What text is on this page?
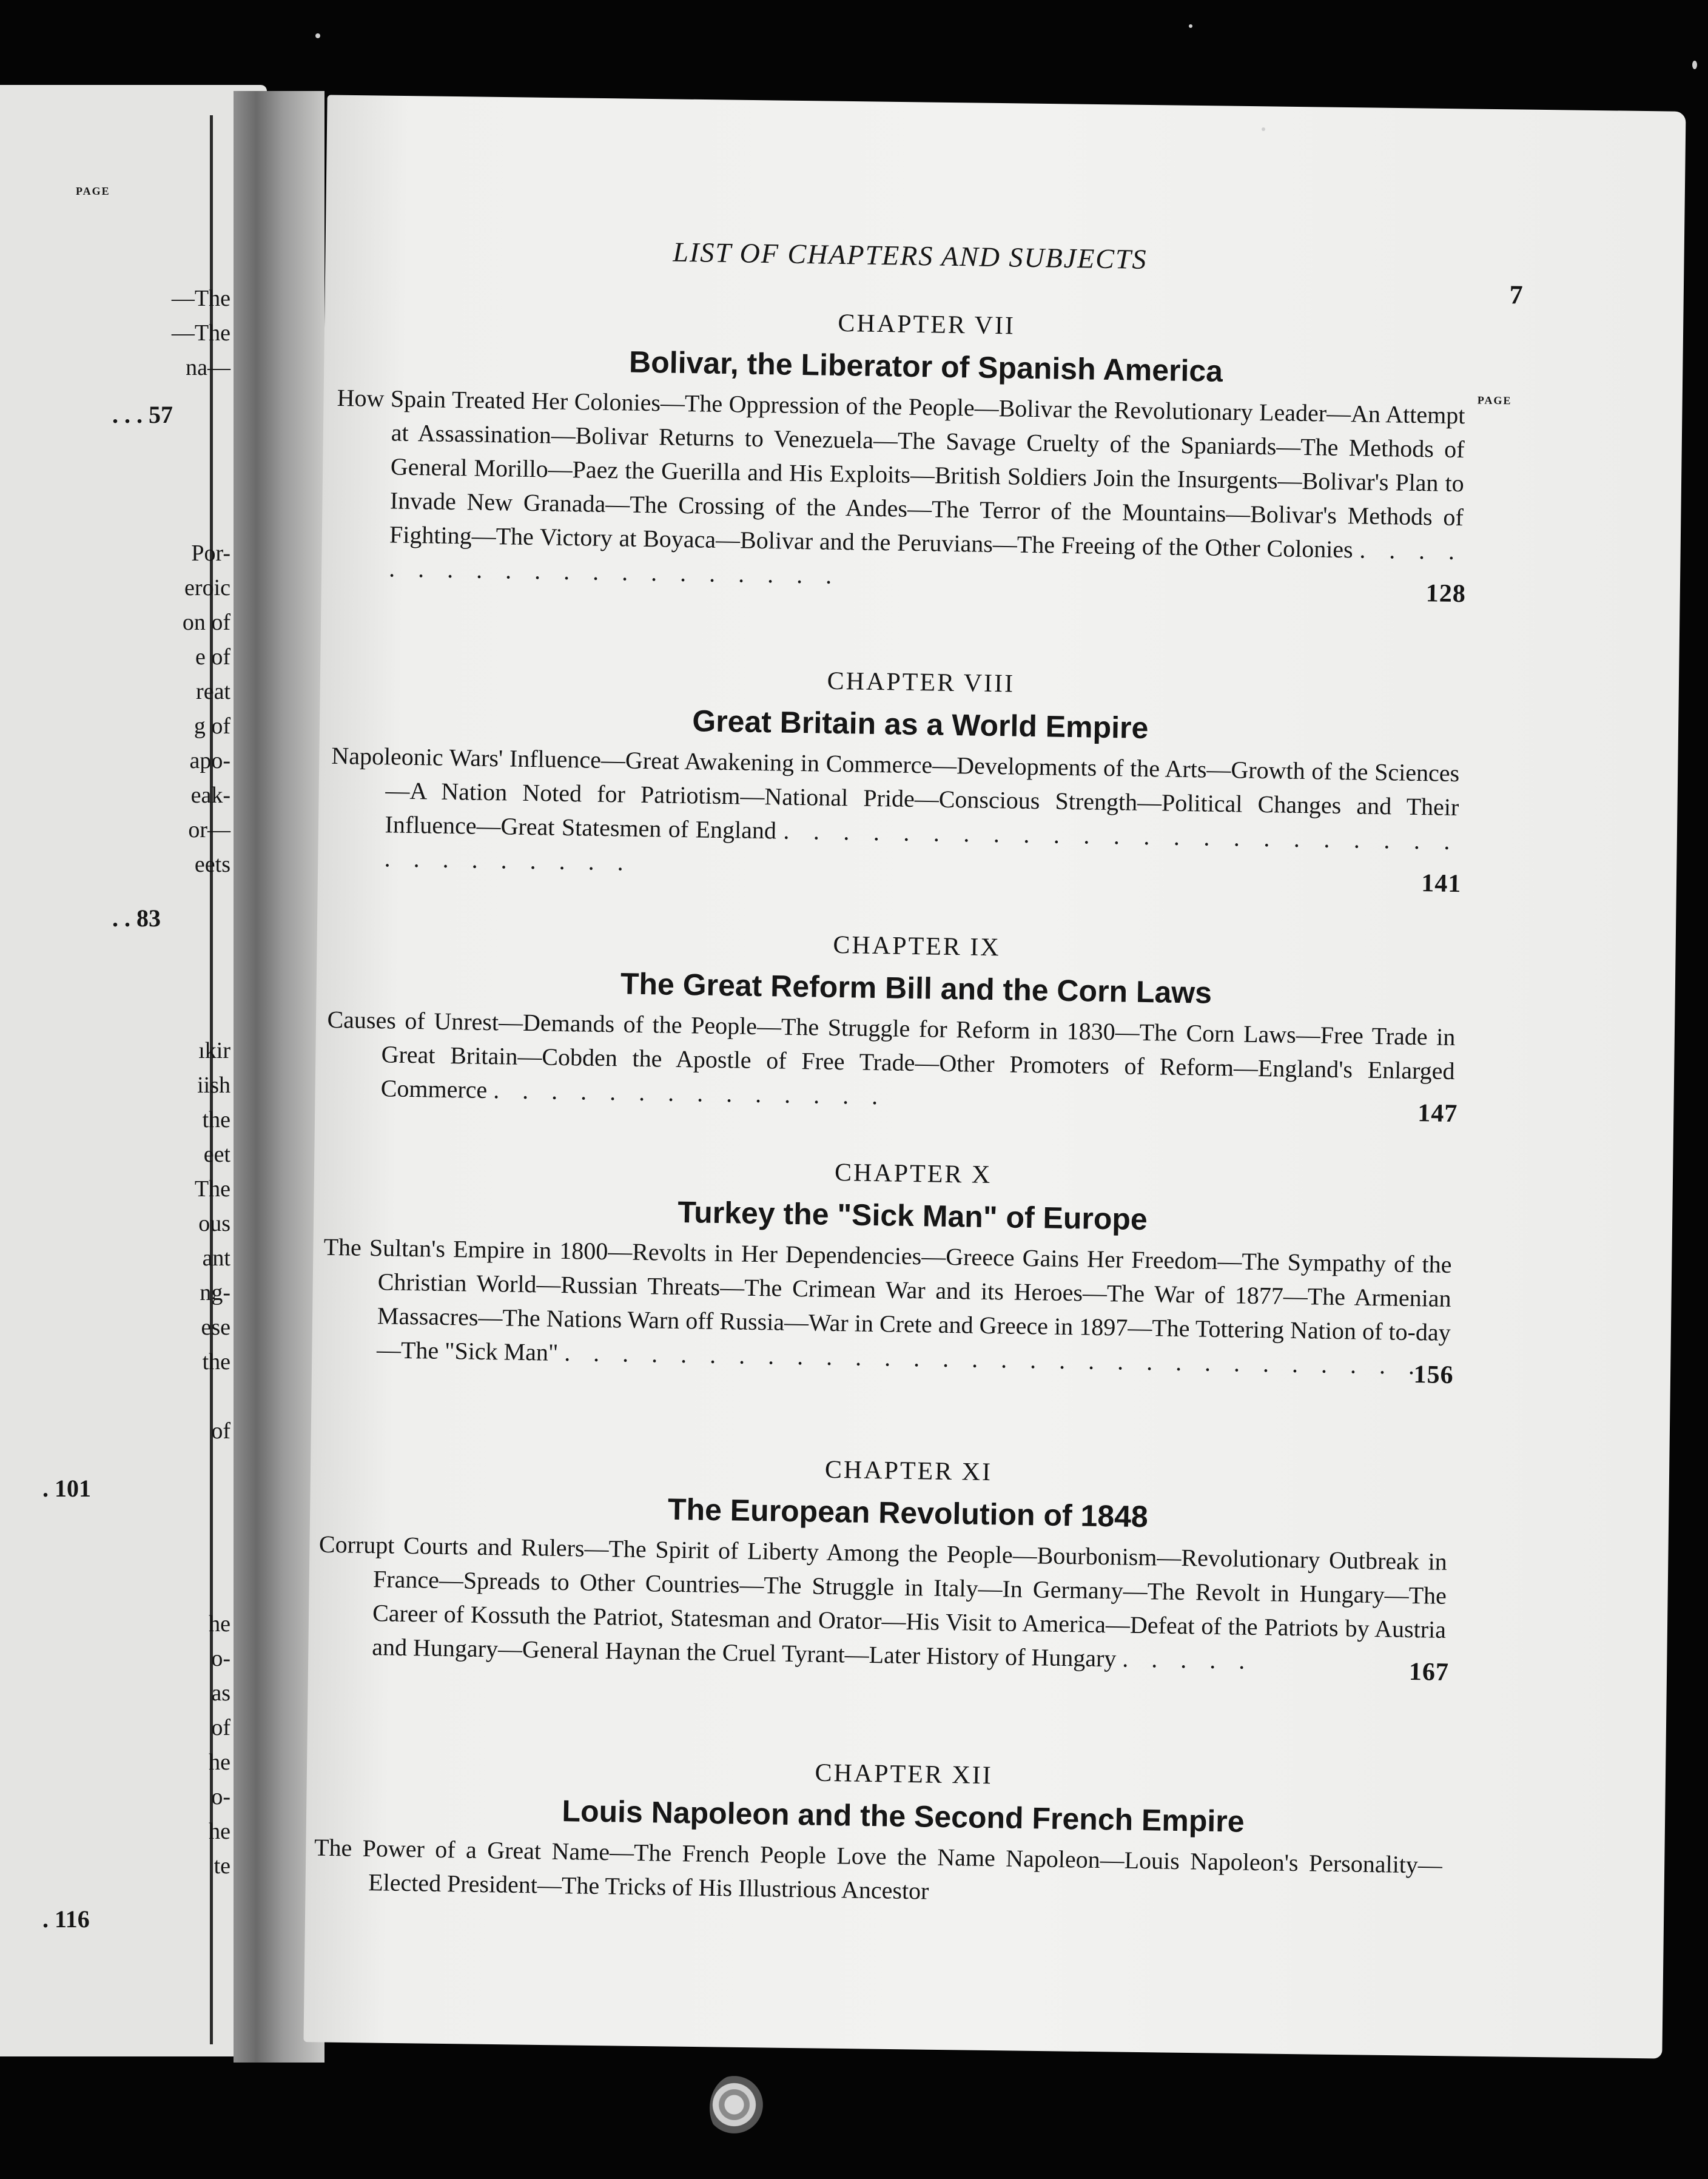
—The
—The
na—
Por-
eroic
on of
e of
reat
g of
apo-
eak-
or—
eets
ıkir
iish
the
eet
The
ous
ant
ng-
ese
the
of
he
o-
as
of
he
o-
he
te
. . . 57
. . 83
. 101
. 116
PAGE
LIST OF CHAPTERS AND SUBJECTS
7
PAGE
CHAPTER VII
Bolivar, the Liberator of Spanish America
How Spain Treated Her Colonies—The Oppression of the People—Bolivar the Revolutionary Leader—An Attempt at Assassination—Bolivar Returns to Venezuela—The Savage Cruelty of the Spaniards—The Methods of General Morillo—Paez the Guerilla and His Exploits—British Soldiers Join the Insurgents—Bolivar's Plan to Invade New Granada—The Crossing of the Andes—The Terror of the Mountains—Bolivar's Methods of Fighting—The Victory at Boyaca—Bolivar and the Peruvians—The Freeing of the Other Colonies . . . . . . . . . . . . . . . . . . . .
128
CHAPTER VIII
Great Britain as a World Empire
Napoleonic Wars' Influence—Great Awakening in Commerce—Developments of the Arts—Growth of the Sciences—A Nation Noted for Patriotism—National Pride—Conscious Strength—Political Changes and Their Influence—Great Statesmen of England . . . . . . . . . . . . . . . . . . . . . . . . . . . . . . . .
141
CHAPTER IX
The Great Reform Bill and the Corn Laws
Causes of Unrest—Demands of the People—The Struggle for Reform in 1830—The Corn Laws—Free Trade in Great Britain—Cobden the Apostle of Free Trade—Other Promoters of Reform—England's Enlarged Commerce . . . . . . . . . . . . . .
147
CHAPTER X
Turkey the "Sick Man" of Europe
The Sultan's Empire in 1800—Revolts in Her Dependencies—Greece Gains Her Freedom—The Sympathy of the Christian World—Russian Threats—The Crimean War and its Heroes—The War of 1877—The Armenian Massacres—The Nations Warn off Russia—War in Crete and Greece in 1897—The Tottering Nation of to-day—The "Sick Man" . . . . . . . . . . . . . . . . . . . . . . . . . . . . . .
156
CHAPTER XI
The European Revolution of 1848
Corrupt Courts and Rulers—The Spirit of Liberty Among the People—Bourbonism—Revolutionary Outbreak in France—Spreads to Other Countries—The Struggle in Italy—In Germany—The Revolt in Hungary—The Career of Kossuth the Patriot, Statesman and Orator—His Visit to America—Defeat of the Patriots by Austria and Hungary—General Haynan the Cruel Tyrant—Later History of Hungary . . . . .	167
CHAPTER XII
Louis Napoleon and the Second French Empire
The Power of a Great Name—The French People Love the Name Napoleon—Louis Napoleon's Personality—Elected President—The Tricks of His Illustrious Ancestor
